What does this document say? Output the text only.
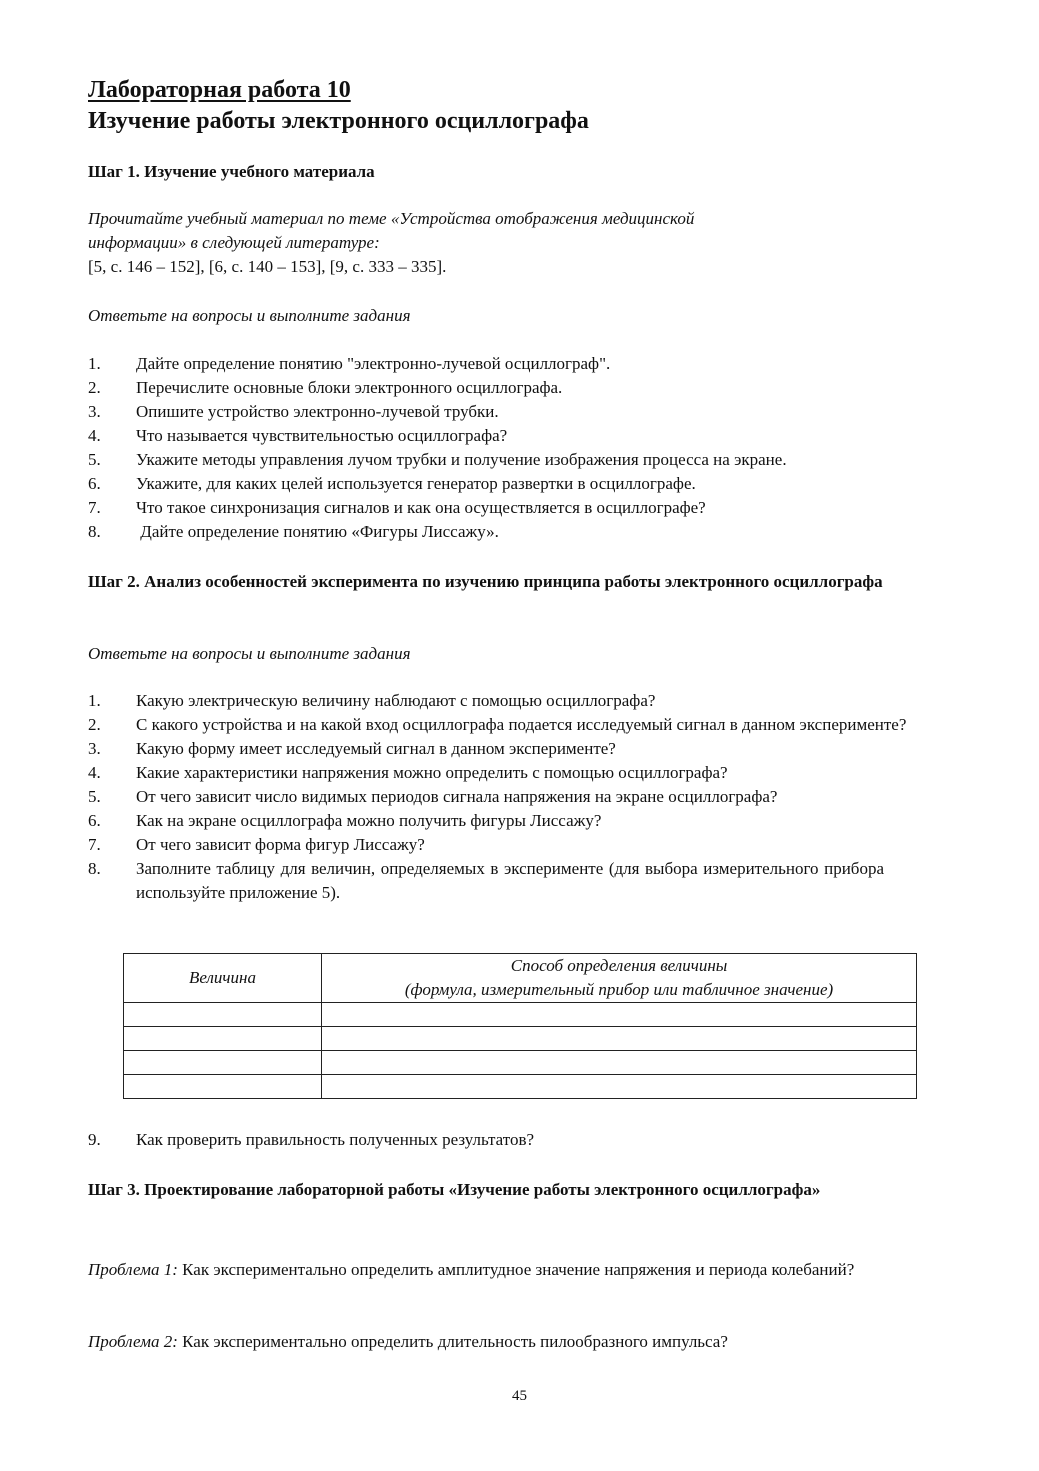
Лабораторная работа 10
Изучение работы электронного осциллографа
Шаг 1. Изучение учебного материала
Прочитайте учебный материал по теме «Устройства отображения медицинской
информации» в следующей литературе:
[5, с. 146 – 152], [6, с. 140 – 153], [9, с. 333 – 335].
Ответьте на вопросы и выполните задания
1. Дайте определение понятию "электронно-лучевой осциллограф".
2. Перечислите основные блоки электронного осциллографа.
3. Опишите устройство электронно-лучевой трубки.
4. Что называется чувствительностью осциллографа?
5. Укажите методы управления лучом трубки и получение изображения процесса на экране.
6. Укажите, для каких целей используется генератор развертки в осциллографе.
7. Что такое синхронизация сигналов и как она осуществляется в осциллографе?
8. Дайте определение понятию «Фигуры Лиссажу».
Шаг 2. Анализ особенностей эксперимента по изучению принципа работы электронного осциллографа
Ответьте на вопросы и выполните задания
1. Какую электрическую величину наблюдают с помощью осциллографа?
2. С какого устройства и на какой вход осциллографа подается исследуемый сигнал в данном эксперименте?
3. Какую форму имеет исследуемый сигнал в данном эксперименте?
4. Какие характеристики напряжения можно определить с помощью осциллографа?
5. От чего зависит число видимых периодов сигнала напряжения на экране осциллографа?
6. Как на экране осциллографа можно получить фигуры Лиссажу?
7. От чего зависит форма фигур Лиссажу?
8. Заполните таблицу для величин, определяемых в эксперименте (для выбора измерительного прибора используйте приложение 5).
Величина	Способ определения величины
(формула, измерительный прибор или табличное значение)

9. Как проверить правильность полученных результатов?
Шаг 3. Проектирование лабораторной работы «Изучение работы электронного осциллографа»
Проблема 1: Как экспериментально определить амплитудное значение напряжения и периода колебаний?
Проблема 2: Как экспериментально определить длительность пилообразного импульса?
45
